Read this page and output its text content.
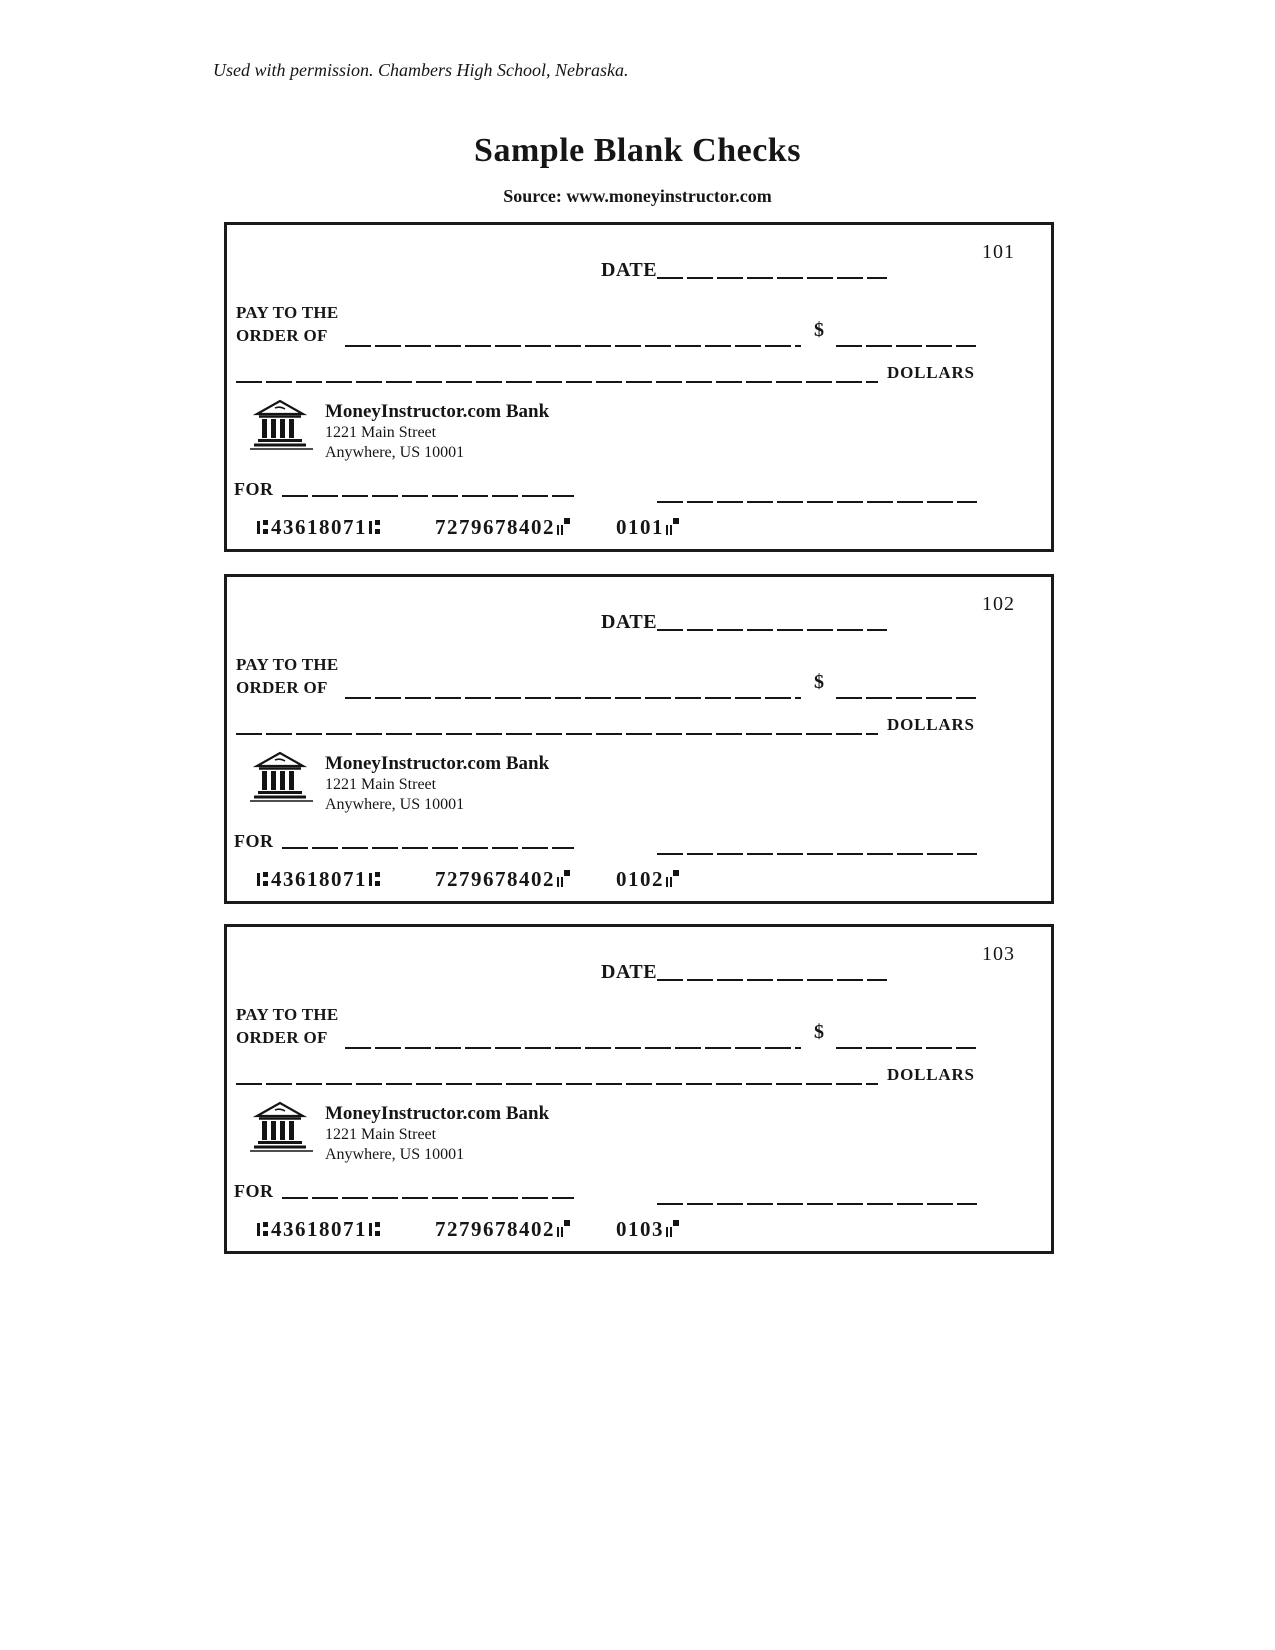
Used with permission. Chambers High School, Nebraska.
Sample Blank Checks
Source: www.moneyinstructor.com
101
DATE
PAY TO THE
ORDER OF	$
DOLLARS
MoneyInstructor.com Bank
1221 Main Street
Anywhere, US 10001
FOR
43618071	7279678402	0101
102
DATE
PAY TO THE
ORDER OF	$
DOLLARS
MoneyInstructor.com Bank
1221 Main Street
Anywhere, US 10001
FOR
43618071	7279678402	0102
103
DATE
PAY TO THE
ORDER OF	$
DOLLARS
MoneyInstructor.com Bank
1221 Main Street
Anywhere, US 10001
FOR
43618071	7279678402	0103
